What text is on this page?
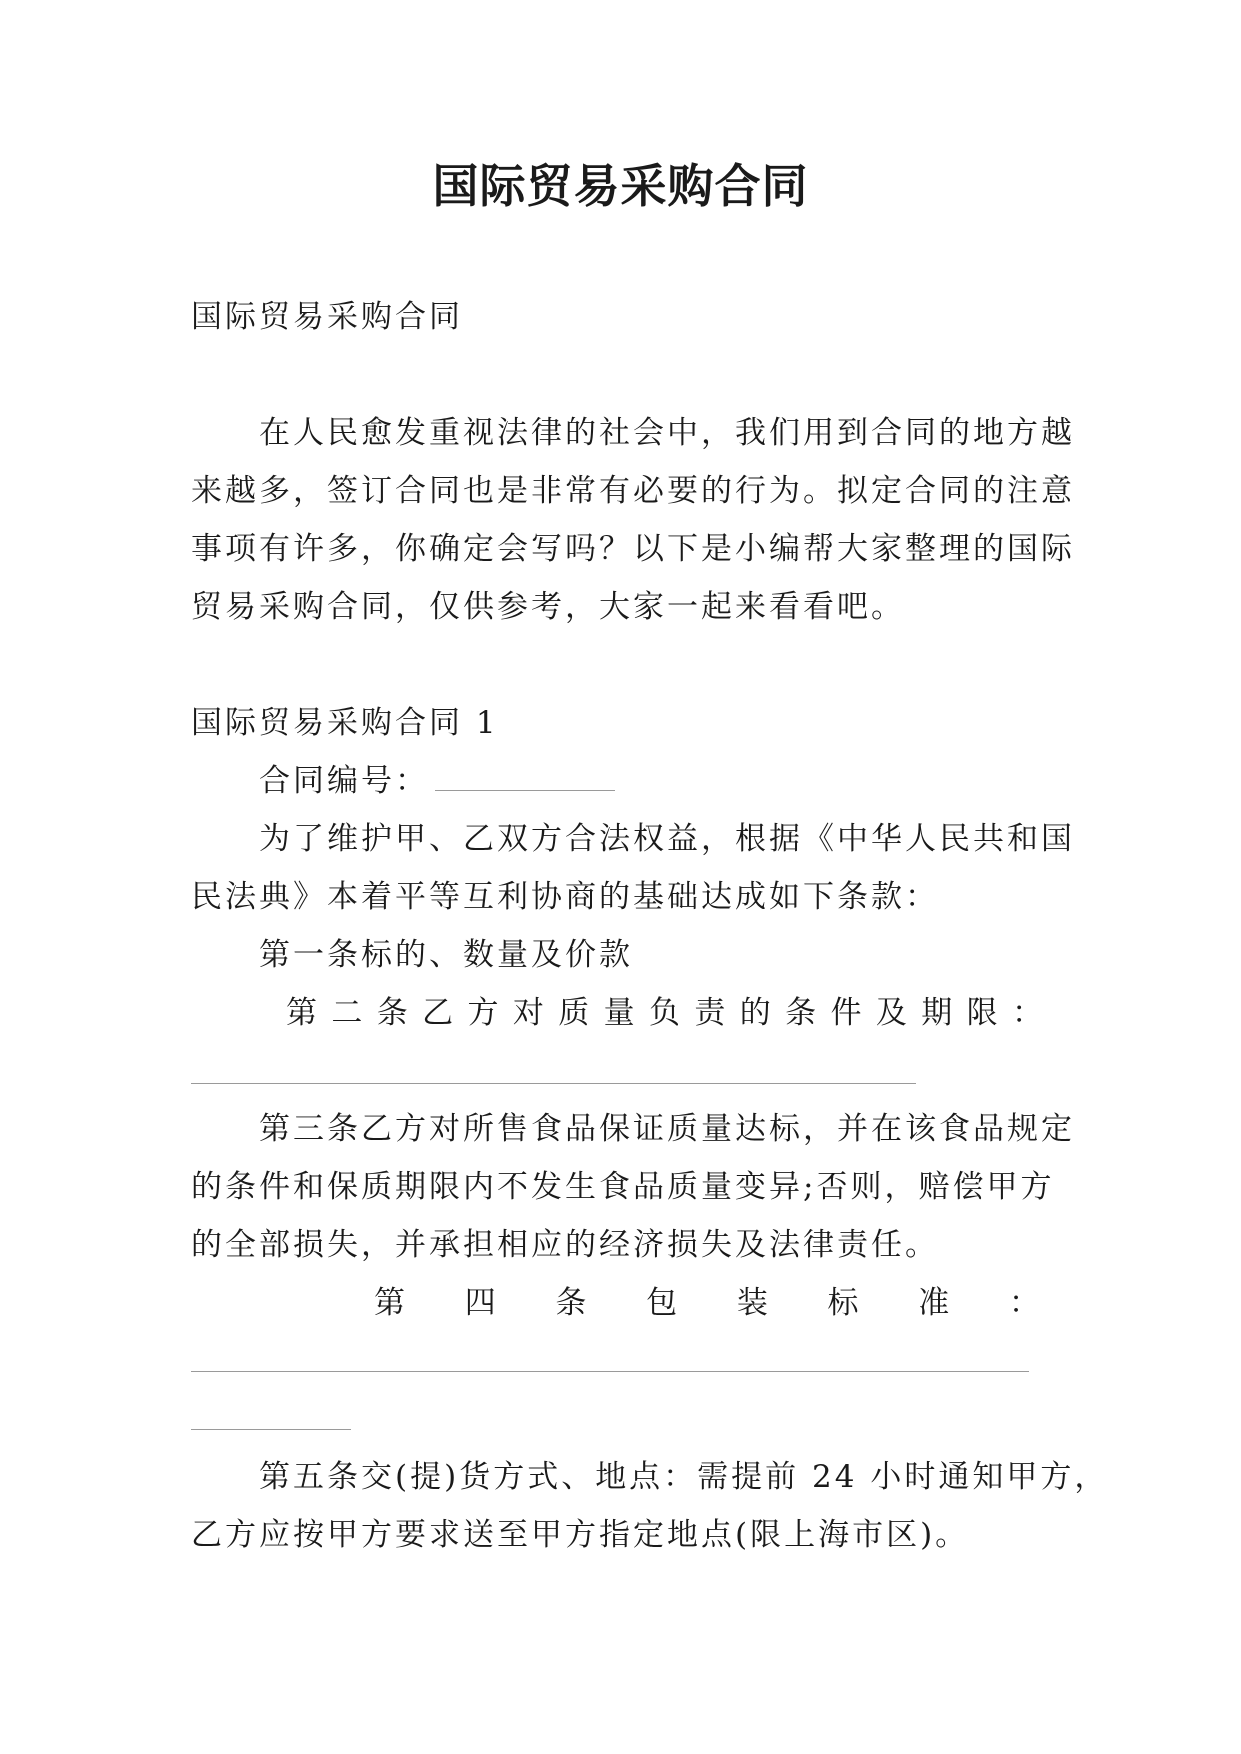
国际贸易采购合同
国际贸易采购合同
在人民愈发重视法律的社会中，我们用到合同的地方越
来越多，签订合同也是非常有必要的行为。拟定合同的注意
事项有许多，你确定会写吗？以下是小编帮大家整理的国际
贸易采购合同，仅供参考，大家一起来看看吧。
国际贸易采购合同 1
合同编号：
为了维护甲、乙双方合法权益，根据《中华人民共和国
民法典》本着平等互利协商的基础达成如下条款：
第一条标的、数量及价款
第 二 条 乙 方 对 质 量 负 责 的 条 件 及 期 限 ：
第三条乙方对所售食品保证质量达标，并在该食品规定
的条件和保质期限内不发生食品质量变异;否则，赔偿甲方
的全部损失，并承担相应的经济损失及法律责任。
第 四 条 包 装 标 准 ：
第五条交(提)货方式、地点：需提前 24 小时通知甲方，
乙方应按甲方要求送至甲方指定地点(限上海市区)。
